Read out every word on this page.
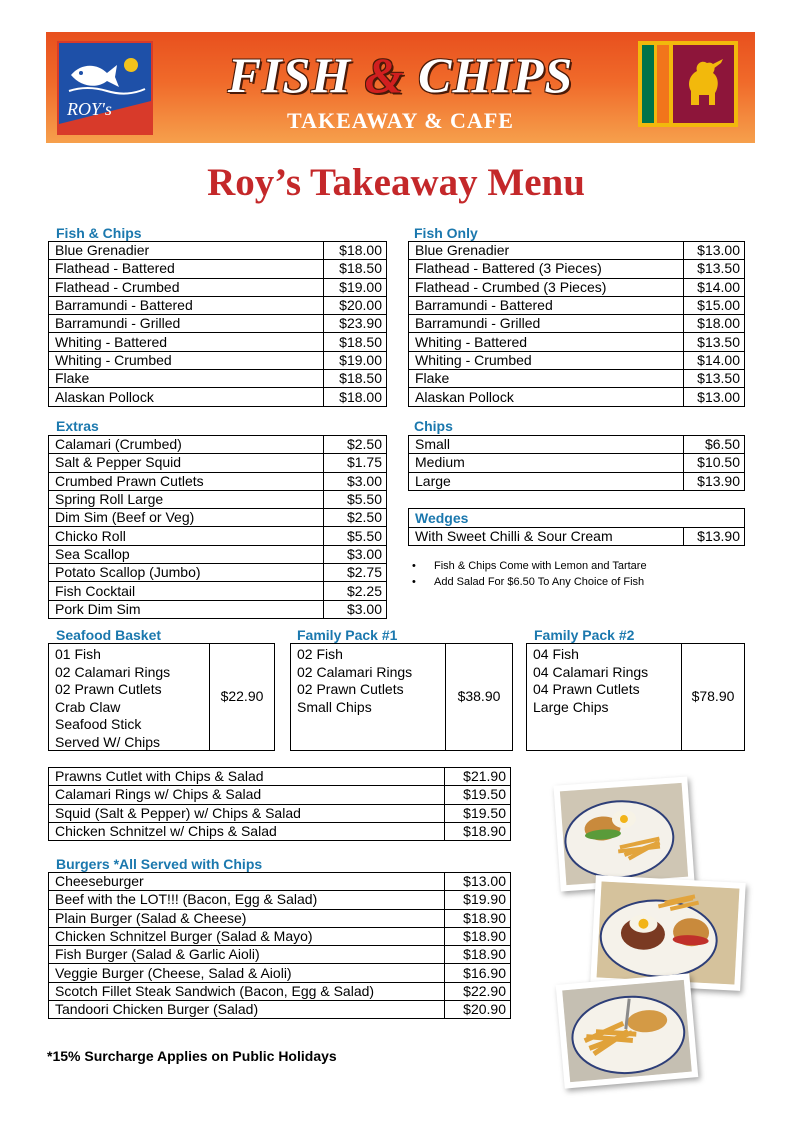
ROY's
FISH & CHIPS
TAKEAWAY & CAFE
Roy’s Takeaway Menu
Fish & Chips
Blue Grenadier	$18.00
Flathead - Battered	$18.50
Flathead - Crumbed	$19.00
Barramundi - Battered	$20.00
Barramundi - Grilled	$23.90
Whiting - Battered	$18.50
Whiting - Crumbed	$19.00
Flake	$18.50
Alaskan Pollock	$18.00
Fish Only
Blue Grenadier	$13.00
Flathead - Battered (3 Pieces)	$13.50
Flathead - Crumbed (3 Pieces)	$14.00
Barramundi - Battered	$15.00
Barramundi - Grilled	$18.00
Whiting - Battered	$13.50
Whiting - Crumbed	$14.00
Flake	$13.50
Alaskan Pollock	$13.00
Extras
Calamari (Crumbed)	$2.50
Salt & Pepper Squid	$1.75
Crumbed Prawn Cutlets	$3.00
Spring Roll Large	$5.50
Dim Sim (Beef or Veg)	$2.50
Chicko Roll	$5.50
Sea Scallop	$3.00
Potato Scallop (Jumbo)	$2.75
Fish Cocktail	$2.25
Pork Dim Sim	$3.00
Chips
Small	$6.50
Medium	$10.50
Large	$13.90
Wedges
With Sweet Chilli & Sour Cream	$13.90
• Fish & Chips Come with Lemon and Tartare
• Add Salad For $6.50 To Any Choice of Fish
Seafood Basket
01 Fish
02 Calamari Rings
02 Prawn Cutlets
Crab Claw
Seafood Stick
Served W/ Chips
$22.90
Family Pack #1
02 Fish
02 Calamari Rings
02 Prawn Cutlets
Small Chips
$38.90
Family Pack #2
04 Fish
04 Calamari Rings
04 Prawn Cutlets
Large Chips
$78.90
Prawns Cutlet with Chips & Salad	$21.90
Calamari Rings w/ Chips & Salad	$19.50
Squid (Salt & Pepper) w/ Chips & Salad	$19.50
Chicken Schnitzel w/ Chips & Salad	$18.90
Burgers *All Served with Chips
Cheeseburger	$13.00
Beef with the LOT!!! (Bacon, Egg & Salad)	$19.90
Plain Burger (Salad & Cheese)	$18.90
Chicken Schnitzel Burger (Salad & Mayo)	$18.90
Fish Burger (Salad & Garlic Aioli)	$18.90
Veggie Burger (Cheese, Salad & Aioli)	$16.90
Scotch Fillet Steak Sandwich (Bacon, Egg & Salad)	$22.90
Tandoori Chicken Burger (Salad)	$20.90
*15% Surcharge Applies on Public Holidays
